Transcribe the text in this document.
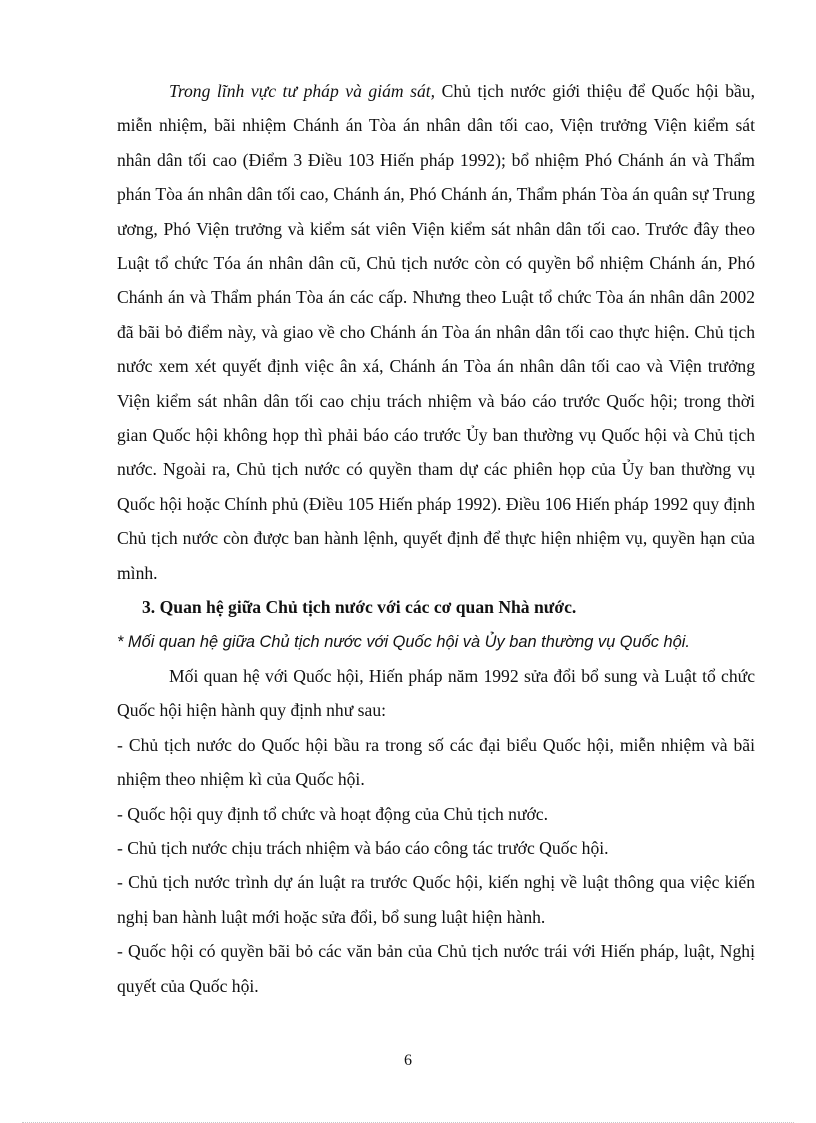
Trong lĩnh vực tư pháp và giám sát, Chủ tịch nước giới thiệu để Quốc hội bầu, miễn nhiệm, bãi nhiệm Chánh án Tòa án nhân dân tối cao, Viện trưởng Viện kiểm sát nhân dân tối cao (Điểm 3 Điều 103 Hiến pháp 1992); bổ nhiệm Phó Chánh án và Thẩm phán Tòa án nhân dân tối cao, Chánh án, Phó Chánh án, Thẩm phán Tòa án quân sự Trung ương, Phó Viện trưởng và kiểm sát viên Viện kiểm sát nhân dân tối cao. Trước đây theo Luật tổ chức Tóa án nhân dân cũ, Chủ tịch nước còn có quyền bổ nhiệm Chánh án, Phó Chánh án và Thẩm phán Tòa án các cấp. Nhưng theo Luật tổ chức Tòa án nhân dân 2002 đã bãi bỏ điểm này, và giao về cho Chánh án Tòa án nhân dân tối cao thực hiện. Chủ tịch nước xem xét quyết định việc ân xá, Chánh án Tòa án nhân dân tối cao và Viện trưởng Viện kiểm sát nhân dân tối cao chịu trách nhiệm và báo cáo trước Quốc hội; trong thời gian Quốc hội không họp thì phải báo cáo trước Ủy ban thường vụ Quốc hội và Chủ tịch nước. Ngoài ra, Chủ tịch nước có quyền tham dự các phiên họp của Ủy ban thường vụ Quốc hội hoặc Chính phủ (Điều 105 Hiến pháp 1992). Điều 106 Hiến pháp 1992 quy định Chủ tịch nước còn được ban hành lệnh, quyết định để thực hiện nhiệm vụ, quyền hạn của mình.

3. Quan hệ giữa Chủ tịch nước với các cơ quan Nhà nước.

* Mối quan hệ giữa Chủ tịch nước với Quốc hội và Ủy ban thường vụ Quốc hội.

Mối quan hệ với Quốc hội, Hiến pháp năm 1992 sửa đổi bổ sung và Luật tổ chức Quốc hội hiện hành quy định như sau:

- Chủ tịch nước do Quốc hội bầu ra trong số các đại biểu Quốc hội, miễn nhiệm và bãi nhiệm theo nhiệm kì của Quốc hội.

- Quốc hội quy định tổ chức và hoạt động của Chủ tịch nước.

- Chủ tịch nước chịu trách nhiệm và báo cáo công tác trước Quốc hội.

- Chủ tịch nước trình dự án luật ra trước Quốc hội, kiến nghị về luật thông qua việc kiến nghị ban hành luật mới hoặc sửa đổi, bổ sung luật hiện hành.

- Quốc hội có quyền bãi bỏ các văn bản của Chủ tịch nước trái với Hiến pháp, luật, Nghị quyết của Quốc hội.

6
